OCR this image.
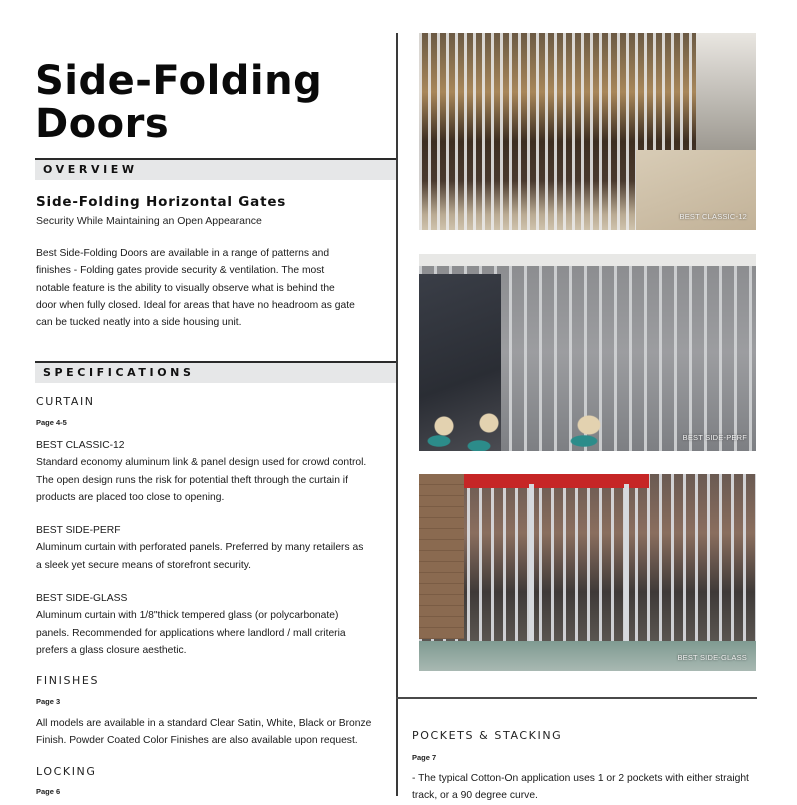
Side-Folding
Doors
OVERVIEW
Side-Folding Horizontal Gates
Security While Maintaining an Open Appearance
Best Side-Folding Doors are available in a range of patterns and
finishes - Folding gates provide security & ventilation. The most
notable feature is the ability to visually observe what is behind the
door when fully closed. Ideal for areas that have no headroom as gate
can be tucked neatly into a side housing unit.
SPECIFICATIONS
CURTAIN
Page 4-5
BEST CLASSIC-12
Standard economy aluminum link & panel design used for crowd control.
The open design runs the risk for potential theft through the curtain if
products are placed too close to opening.
BEST SIDE-PERF
Aluminum curtain with perforated panels. Preferred by many retailers as
a sleek yet secure means of storefront security.
BEST SIDE-GLASS
Aluminum curtain with 1/8"thick tempered glass (or polycarbonate)
panels. Recommended for applications where landlord / mall criteria
prefers a glass closure aesthetic.
FINISHES
Page 3
All models are available in a standard Clear Satin, White, Black or Bronze
Finish. Powder Coated Color Finishes are also available upon request.
LOCKING
Page 6
BEST CLASSIC-12
BEST SIDE-PERF
BEST SIDE-GLASS
POCKETS & STACKING
Page 7
- The typical Cotton-On application uses 1 or 2 pockets with either straight
track, or a 90 degree curve.
